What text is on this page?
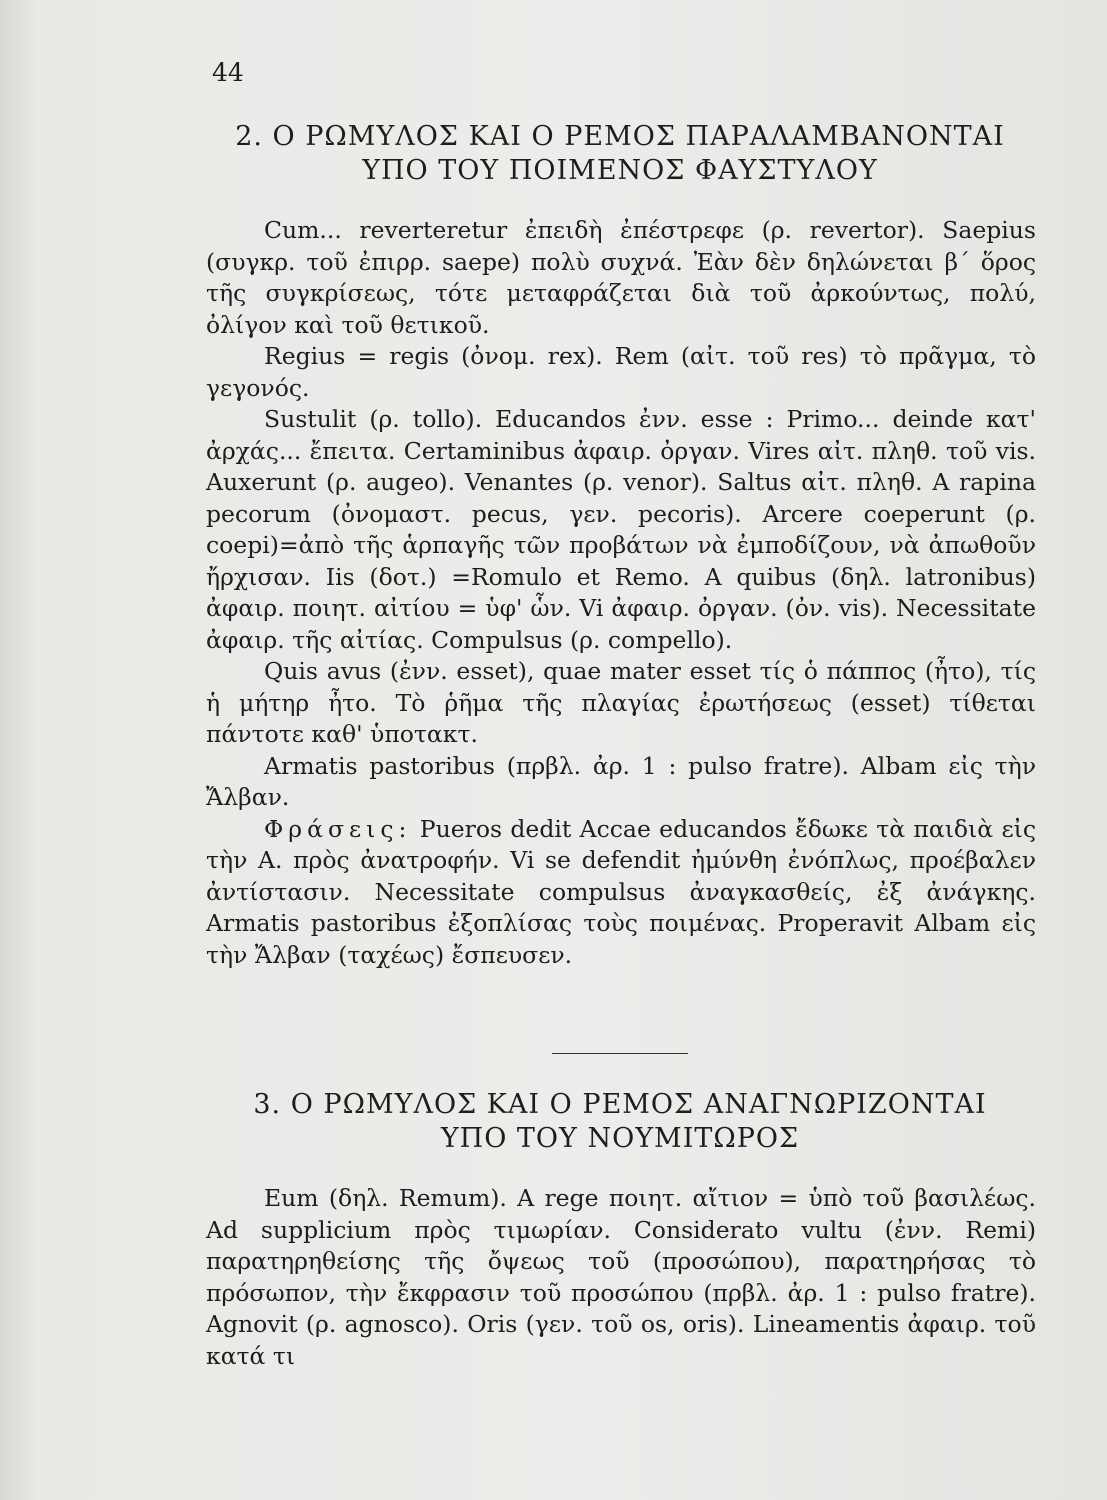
44
2. Ο ΡΩΜΥΛΟΣ ΚΑΙ Ο ΡΕΜΟΣ ΠΑΡΑΛΑΜΒΑΝΟΝΤΑΙ
ΥΠΟ ΤΟΥ ΠΟΙΜΕΝΟΣ ΦΑΥΣΤΥΛΟΥ

Cum... reverteretur ἐπειδὴ ἐπέστρεφε (ρ. revertor). Saepius (συγκρ. τοῦ ἐπιρρ. saepe) πολὺ συχνά. Ἐὰν δὲν δηλώνεται β΄ ὅρος τῆς συγκρίσεως, τότε μεταφράζεται διὰ τοῦ ἀρκούντως, πολύ, ὀλίγον καὶ τοῦ θετικοῦ.

Regius = regis (ὀνομ. rex). Rem (αἰτ. τοῦ res) τὸ πρᾶγμα, τὸ γεγονός.

Sustulit (ρ. tollo). Educandos ἐνν. esse : Primo... deinde κατ' ἀρχάς... ἔπειτα. Certaminibus ἀφαιρ. ὀργαν. Vires αἰτ. πληθ. τοῦ vis. Auxerunt (ρ. augeo). Venantes (ρ. venor). Saltus αἰτ. πληθ. A rapina pecorum (ὀνομαστ. pecus, γεν. pecoris). Arcere coeperunt (ρ. coepi)=ἀπὸ τῆς ἁρπαγῆς τῶν προβάτων νὰ ἐμποδίζουν, νὰ ἀπωθοῦν ἤρχισαν. Iis (δοτ.) =Romulo et Remo. A quibus (δηλ. latronibus) ἀφαιρ. ποιητ. αἰτίου = ὑφ' ὧν. Vi ἀφαιρ. ὀργαν. (ὀν. vis). Necessitate ἀφαιρ. τῆς αἰτίας. Compulsus (ρ. compello).

Quis avus (ἐνν. esset), quae mater esset τίς ὁ πάππος (ἦτο), τίς ἡ μήτηρ ἦτο. Τὸ ῥῆμα τῆς πλαγίας ἐρωτήσεως (esset) τίθεται πάντοτε καθ' ὑποτακτ.

Armatis pastoribus (πρβλ. ἀρ. 1 : pulso fratre). Albam εἰς τὴν Ἄλβαν.

Φράσεις: Pueros dedit Accae educandos ἔδωκε τὰ παιδιὰ εἰς τὴν Α. πρὸς ἀνατροφήν. Vi se defendit ἠμύνθη ἐνόπλως, προέβαλεν ἀντίστασιν. Necessitate compulsus ἀναγκασθείς, ἐξ ἀνάγκης. Armatis pastoribus ἐξοπλίσας τοὺς ποιμένας. Properavit Albam εἰς τὴν Ἄλβαν (ταχέως) ἔσπευσεν.

3. Ο ΡΩΜΥΛΟΣ ΚΑΙ Ο ΡΕΜΟΣ ΑΝΑΓΝΩΡΙΖΟΝΤΑΙ
ΥΠΟ ΤΟΥ ΝΟΥΜΙΤΩΡΟΣ

Eum (δηλ. Remum). A rege ποιητ. αἴτιον = ὑπὸ τοῦ βασιλέως. Ad supplicium πρὸς τιμωρίαν. Considerato vultu (ἐνν. Remi) παρατηρηθείσης τῆς ὄψεως τοῦ (προσώπου), παρατηρήσας τὸ πρόσωπον, τὴν ἔκφρασιν τοῦ προσώπου (πρβλ. ἀρ. 1 : pulso fratre). Agnovit (ρ. agnosco). Oris (γεν. τοῦ os, oris). Lineamentis ἀφαιρ. τοῦ κατά τι
